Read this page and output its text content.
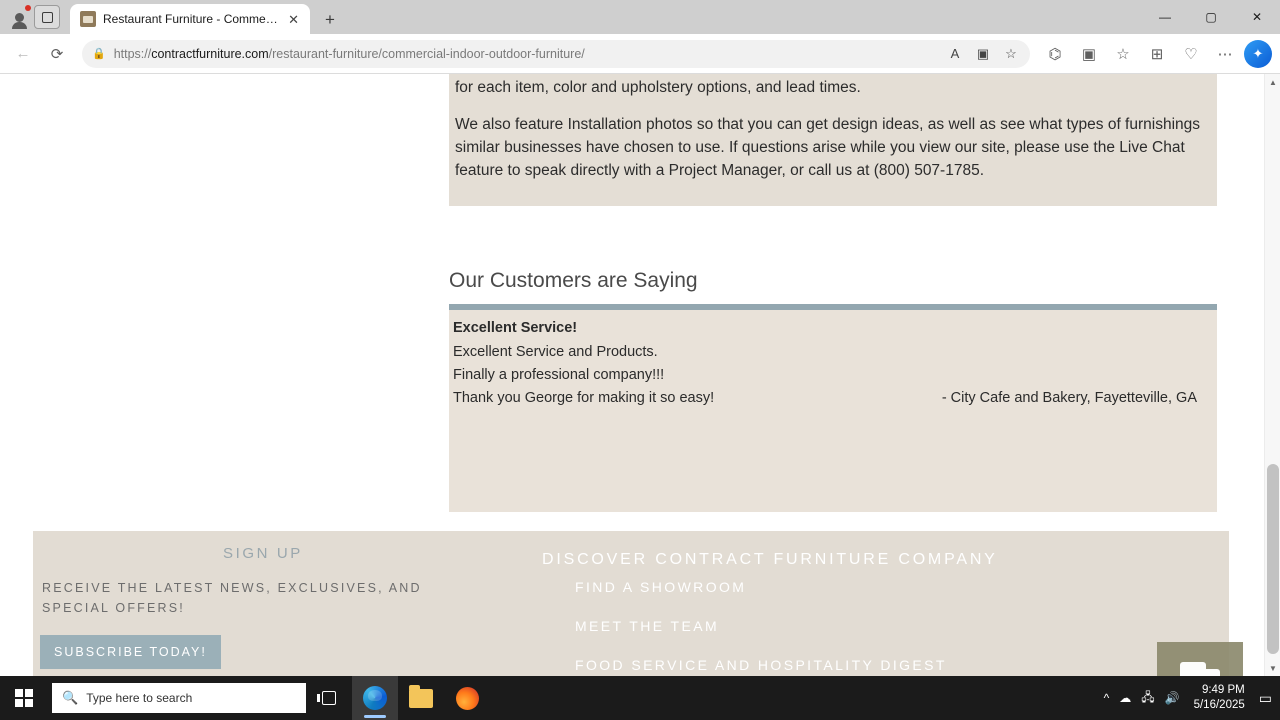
Restaurant Furniture - Commerci	✕	+	—	▢	✕
←	⟳	🔒 https://contractfurniture.com/restaurant-furniture/commercial-indoor-outdoor-furniture/	A	▣	☆	⌬	▣	☆	⊞	♡	⋯	✦

for each item, color and upholstery options, and lead times.

We also feature Installation photos so that you can get design ideas, as well as see what types of furnishings similar businesses have chosen to use. If questions arise while you view our site, please use the Live Chat feature to speak directly with a Project Manager, or call us at (800) 507-1785.

Our Customers are Saying

Excellent Service!

Excellent Service and Products.

Finally a professional company!!!

Thank you George for making it so easy!	- City Cafe and Bakery, Fayetteville, GA
SIGN UP
RECEIVE THE LATEST NEWS, EXCLUSIVES, AND SPECIAL OFFERS!
SUBSCRIBE TODAY!
DISCOVER CONTRACT FURNITURE COMPANY
FIND A SHOWROOM
MEET THE TEAM
FOOD SERVICE AND HOSPITALITY DIGEST
▲
▼
🔍 Type here to search	^ ☁ 🖧 🔊
9:49 PM
5/16/2025 ▭
